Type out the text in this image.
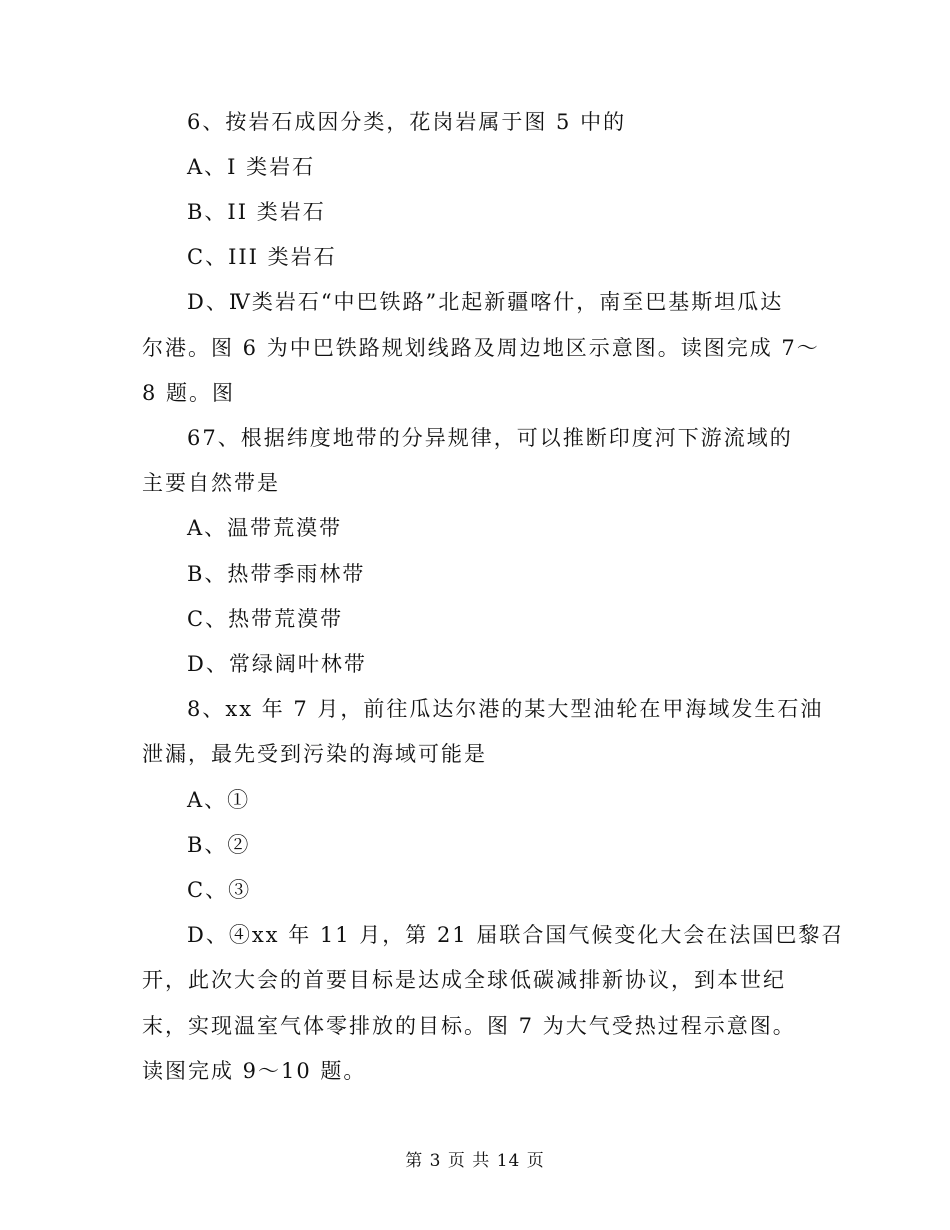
6、按岩石成因分类，花岗岩属于图 5 中的
A、I 类岩石
B、II 类岩石
C、III 类岩石
D、Ⅳ类岩石“中巴铁路”北起新疆喀什，南至巴基斯坦瓜达
尔港。图 6 为中巴铁路规划线路及周边地区示意图。读图完成 7～
8 题。图
67、根据纬度地带的分异规律，可以推断印度河下游流域的
主要自然带是
A、温带荒漠带
B、热带季雨林带
C、热带荒漠带
D、常绿阔叶林带
8、xx 年 7 月，前往瓜达尔港的某大型油轮在甲海域发生石油
泄漏，最先受到污染的海域可能是
A、①
B、②
C、③
D、④xx 年 11 月，第 21 届联合国气候变化大会在法国巴黎召
开，此次大会的首要目标是达成全球低碳减排新协议，到本世纪
末，实现温室气体零排放的目标。图 7 为大气受热过程示意图。
读图完成 9～10 题。
第 3 页 共 14 页
